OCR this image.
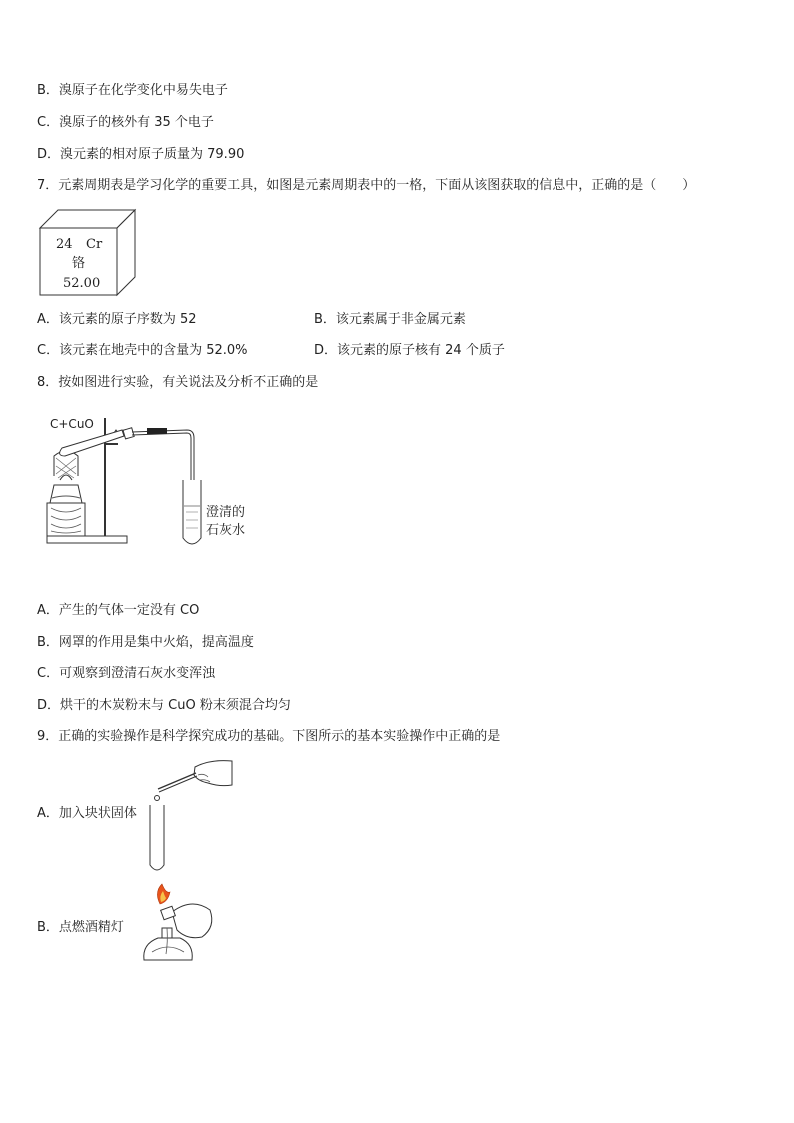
B．溴原子在化学变化中易失电子
C．溴原子的核外有 35 个电子
D．溴元素的相对原子质量为 79.90
7．元素周期表是学习化学的重要工具，如图是元素周期表中的一格，下面从该图获取的信息中，正确的是（　　）
24 Cr
铬
52.00
A．该元素的原子序数为 52	B．该元素属于非金属元素
C．该元素在地壳中的含量为 52.0%	D．该元素的原子核有 24 个质子
8．按如图进行实验，有关说法及分析不正确的是
C+CuO
澄清的
石灰水
A．产生的气体一定没有 CO
B．网罩的作用是集中火焰，提高温度
C．可观察到澄清石灰水变浑浊
D．烘干的木炭粉末与 CuO 粉末须混合均匀
9．正确的实验操作是科学探究成功的基础。下图所示的基本实验操作中正确的是
A．加入块状固体
B．点燃酒精灯
